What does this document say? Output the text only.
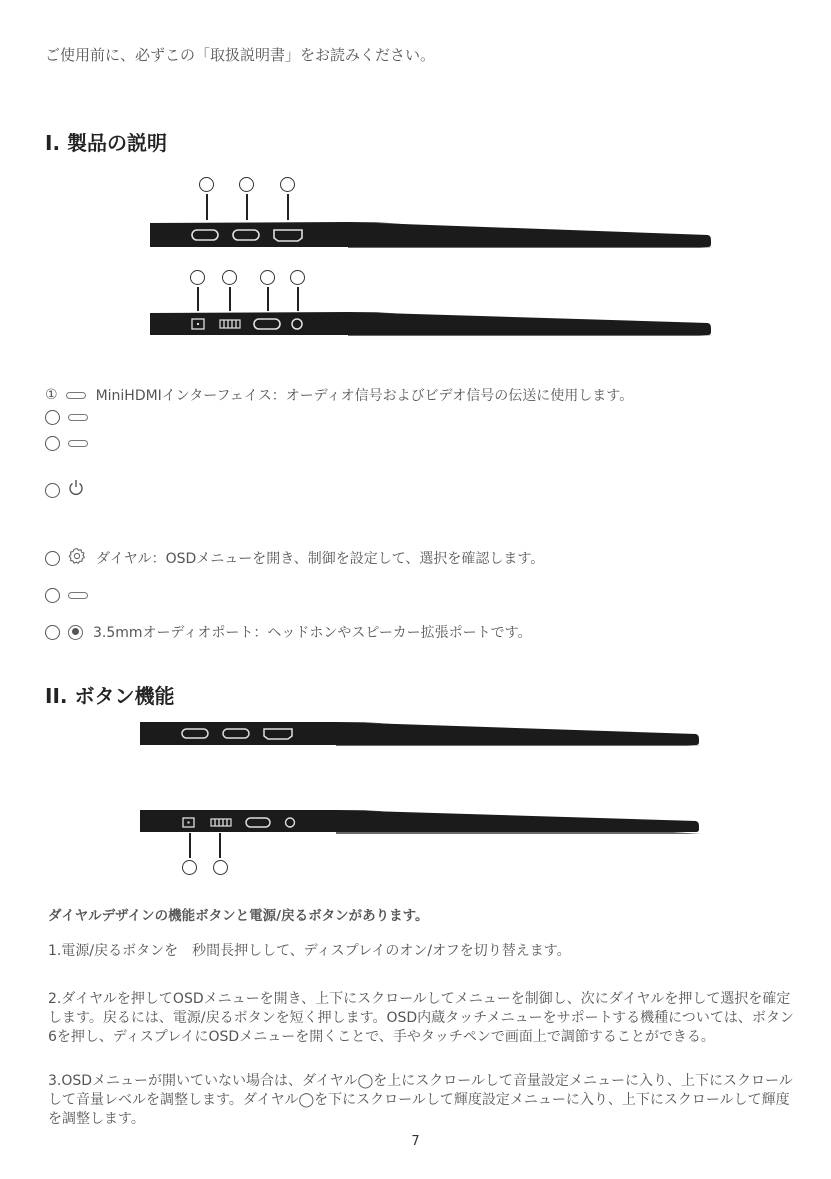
ご使用前に、必ずこの「取扱説明書」をお読みください。
I. 製品の説明
①	MiniHDMIインターフェイス：オーディオ信号およびビデオ信号の伝送に使用します。
ダイヤル：OSDメニューを開き、制御を設定して、選択を確認します。
3.5mmオーディオポート：ヘッドホンやスピーカー拡張ポートです。
II. ボタン機能
ダイヤルデザインの機能ボタンと電源/戻るボタンがあります。
1.電源/戻るボタンを　秒間長押しして、ディスプレイのオン/オフを切り替えます。
2.ダイヤルを押してOSDメニューを開き、上下にスクロールしてメニューを制御し、次にダイヤルを押して選択を確定します。戻るには、電源/戻るボタンを短く押します。OSD内蔵タッチメニューをサポートする機種については、ボタン6を押し、ディスプレイにOSDメニューを開くことで、手やタッチペンで画面上で調節することができる。
3.OSDメニューが開いていない場合は、ダイヤル◯を上にスクロールして音量設定メニューに入り、上下にスクロールして音量レベルを調整します。ダイヤル◯を下にスクロールして輝度設定メニューに入り、上下にスクロールして輝度を調整します。
7
